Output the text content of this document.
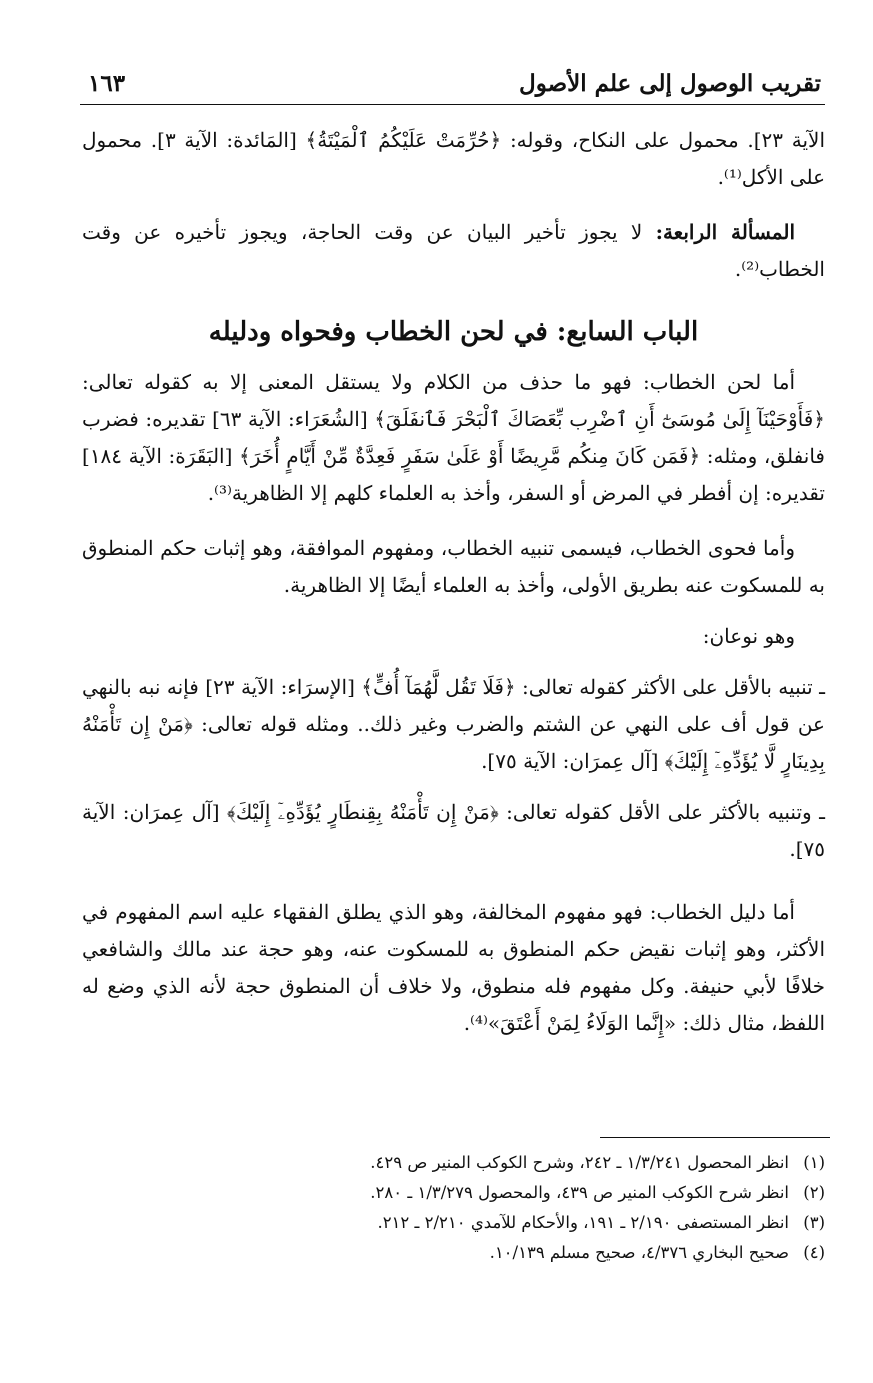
تقريب الوصول إلى علم الأصول
١٦٣

الآية ٢٣]. محمول على النكاح، وقوله: ﴿حُرِّمَتْ عَلَيْكُمُ ٱلْمَيْتَةُ﴾ [المَائدة: الآية ٣]. محمول على الأكل⁽¹⁾.

المسألة الرابعة: لا يجوز تأخير البيان عن وقت الحاجة، ويجوز تأخيره عن وقت الخطاب⁽²⁾.

الباب السابع: في لحن الخطاب وفحواه ودليله

أما لحن الخطاب: فهو ما حذف من الكلام ولا يستقل المعنى إلا به كقوله تعالى: ﴿فَأَوْحَيْنَآ إِلَىٰ مُوسَىٰٓ أَنِ ٱضْرِب بِّعَصَاكَ ٱلْبَحْرَ فَٱنفَلَقَ﴾ [الشُعَرَاء: الآية ٦٣] تقديره: فضرب فانفلق، ومثله: ﴿فَمَن كَانَ مِنكُم مَّرِيضًا أَوْ عَلَىٰ سَفَرٍ فَعِدَّةٌ مِّنْ أَيَّامٍ أُخَرَ﴾ [البَقَرَة: الآية ١٨٤] تقديره: إن أفطر في المرض أو السفر، وأخذ به العلماء كلهم إلا الظاهرية⁽³⁾.

وأما فحوى الخطاب، فيسمى تنبيه الخطاب، ومفهوم الموافقة، وهو إثبات حكم المنطوق به للمسكوت عنه بطريق الأولى، وأخذ به العلماء أيضًا إلا الظاهرية.

وهو نوعان:

ـ تنبيه بالأقل على الأكثر كقوله تعالى: ﴿فَلَا تَقُل لَّهُمَآ أُفٍّ﴾ [الإسرَاء: الآية ٢٣] فإنه نبه بالنهي عن قول أف على النهي عن الشتم والضرب وغير ذلك.. ومثله قوله تعالى: ﴿مَنْ إِن تَأْمَنْهُ بِدِينَارٍ لَّا يُؤَدِّهِۦٓ إِلَيْكَ﴾ [آل عِمرَان: الآية ٧٥].

ـ وتنبيه بالأكثر على الأقل كقوله تعالى: ﴿مَنْ إِن تَأْمَنْهُ بِقِنطَارٍ يُؤَدِّهِۦٓ إِلَيْكَ﴾ [آل عِمرَان: الآية ٧٥].

أما دليل الخطاب: فهو مفهوم المخالفة، وهو الذي يطلق الفقهاء عليه اسم المفهوم في الأكثر، وهو إثبات نقيض حكم المنطوق به للمسكوت عنه، وهو حجة عند مالك والشافعي خلافًا لأبي حنيفة. وكل مفهوم فله منطوق، ولا خلاف أن المنطوق حجة لأنه الذي وضع له اللفظ، مثال ذلك: «إِنَّما الوَلَاءُ لِمَنْ أَعْتَقَ»⁽⁴⁾.

(١)
انظر المحصول ١/٣/٢٤١ ـ ٢٤٢، وشرح الكوكب المنير ص ٤٢٩.
(٢)
انظر شرح الكوكب المنير ص ٤٣٩، والمحصول ١/٣/٢٧٩ ـ ٢٨٠.
(٣)
انظر المستصفى ٢/١٩٠ ـ ١٩١، والأحكام للآمدي ٢/٢١٠ ـ ٢١٢.
(٤)
صحيح البخاري ٤/٣٧٦، صحيح مسلم ١٠/١٣٩.
